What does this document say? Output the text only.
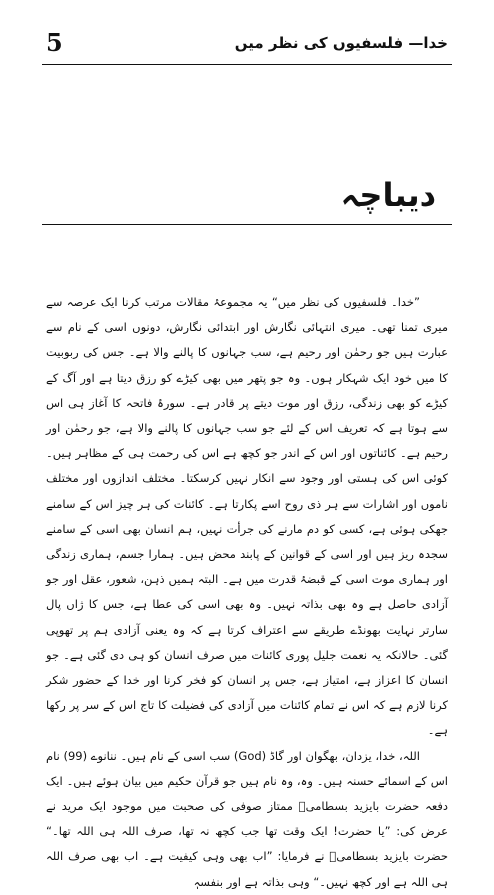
5	خدا— فلسفیوں کی نظر میں
دیباچہ

”خدا۔ فلسفیوں کی نظر میں“ یہ مجموعۂ مقالات مرتب کرنا ایک عرصہ سے میری تمنا تھی۔ میری انتہائی نگارش اور ابتدائی نگارش، دونوں اسی کے نام سے عبارت ہیں جو رحمٰن اور رحیم ہے، سب جہانوں کا پالنے والا ہے۔ جس کی ربوبیت کا میں خود ایک شہکار ہوں۔ وہ جو پتھر میں بھی کیڑے کو رزق دیتا ہے اور آگ کے کیڑے کو بھی زندگی، رزق اور موت دیتے پر قادر ہے۔ سورۂ فاتحہ کا آغاز ہی اس سے ہوتا ہے کہ تعریف اس کے لئے جو سب جہانوں کا پالنے والا ہے، جو رحمٰن اور رحیم ہے۔ کائناتوں اور اس کے اندر جو کچھ ہے اس کی رحمت ہی کے مظاہر ہیں۔ کوئی اس کی ہستی اور وجود سے انکار نہیں کرسکتا۔ مختلف اندازوں اور مختلف ناموں اور اشارات سے ہر ذی روح اسے پکارتا ہے۔ کائنات کی ہر چیز اس کے سامنے جھکی ہوئی ہے، کسی کو دم مارنے کی جرأت نہیں، ہم انسان بھی اسی کے سامنے سجدہ ریز ہیں اور اسی کے قوانین کے پابند محض ہیں۔ ہمارا جسم، ہماری زندگی اور ہماری موت اسی کے قبضۂ قدرت میں ہے۔ البتہ ہمیں ذہن، شعور، عقل اور جو آزادی حاصل ہے وہ بھی بذاتہ نہیں۔ وہ بھی اسی کی عطا ہے، جس کا ژاں پال سارتر نہایت بھونڈے طریقے سے اعتراف کرتا ہے کہ وہ یعنی آزادی ہم پر تھوپی گئی۔ حالانکہ یہ نعمت جلیل پوری کائنات میں صرف انسان کو ہی دی گئی ہے۔ جو انسان کا اعزاز ہے، امتیاز ہے، جس پر انسان کو فخر کرنا اور خدا کے حضور شکر کرنا لازم ہے کہ اس نے تمام کائنات میں آزادی کی فضیلت کا تاج اس کے سر پر رکھا ہے۔

اللہ، خدا، یزدان، بھگوان اور گاڈ (God) سب اسی کے نام ہیں۔ ننانوے (99) نام اس کے اسمائے حسنہ ہیں۔ وہ، وہ نام ہیں جو قرآن حکیم میں بیان ہوئے ہیں۔ ایک دفعہ حضرت بایزید بسطامیؒ ممتاز صوفی کی صحبت میں موجود ایک مرید نے عرض کی: ”یا حضرت! ایک وقت تھا جب کچھ نہ تھا، صرف اللہ ہی اللہ تھا۔“ حضرت بایزید بسطامیؒ نے فرمایا: ”اب بھی وہی کیفیت ہے۔ اب بھی صرف اللہ ہی اللہ ہے اور کچھ نہیں۔“ وہی بذاتہ ہے اور بنفسہٖ
